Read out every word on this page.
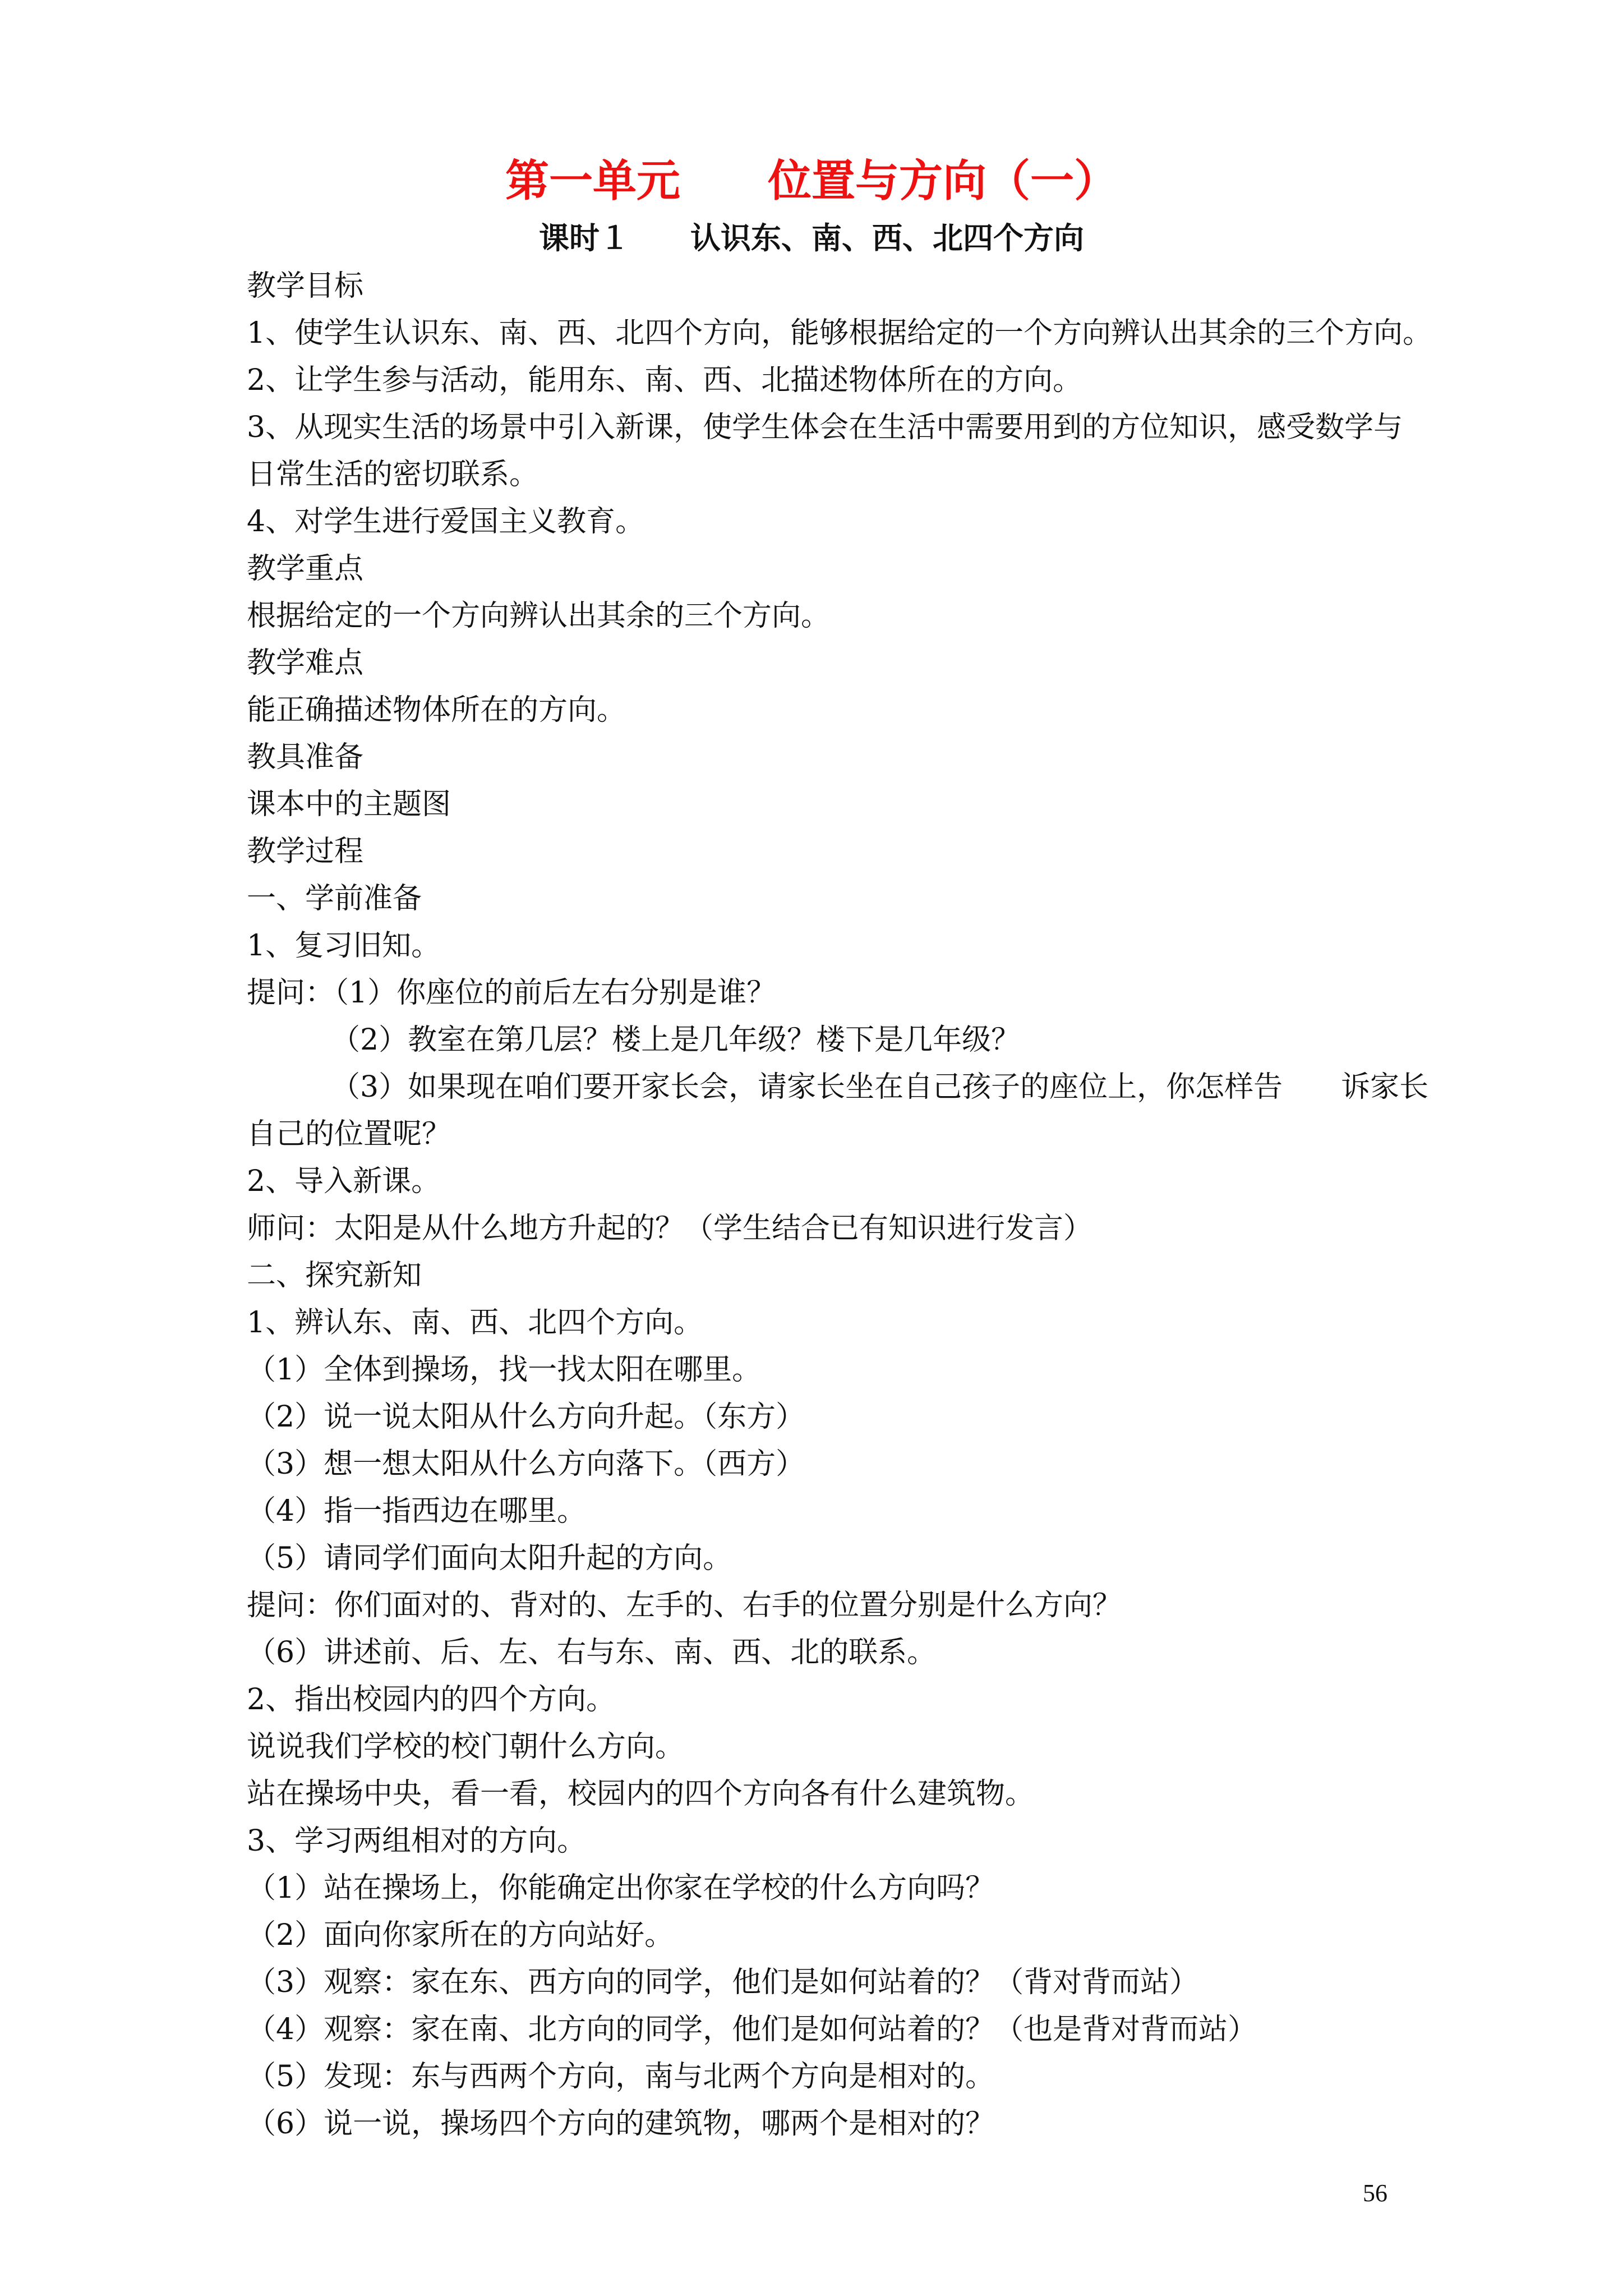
第一单元　　位置与方向（一）
课时１　　认识东、南、西、北四个方向
教学目标
1、使学生认识东、南、西、北四个方向，能够根据给定的一个方向辨认出其余的三个方向。
2、让学生参与活动，能用东、南、西、北描述物体所在的方向。
3、从现实生活的场景中引入新课，使学生体会在生活中需要用到的方位知识，感受数学与
日常生活的密切联系。
4、对学生进行爱国主义教育。
教学重点
根据给定的一个方向辨认出其余的三个方向。
教学难点
能正确描述物体所在的方向。
教具准备
课本中的主题图
教学过程
一、学前准备
1、复习旧知。
提问：（1）你座位的前后左右分别是谁？
（2）教室在第几层？楼上是几年级？楼下是几年级？
（3）如果现在咱们要开家长会，请家长坐在自己孩子的座位上，你怎样告　　诉家长
自己的位置呢？
2、导入新课。
师问：太阳是从什么地方升起的？（学生结合已有知识进行发言）
二、探究新知
1、辨认东、南、西、北四个方向。
（1）全体到操场，找一找太阳在哪里。
（2）说一说太阳从什么方向升起。（东方）
（3）想一想太阳从什么方向落下。（西方）
（4）指一指西边在哪里。
（5）请同学们面向太阳升起的方向。
提问：你们面对的、背对的、左手的、右手的位置分别是什么方向？
（6）讲述前、后、左、右与东、南、西、北的联系。
2、指出校园内的四个方向。
说说我们学校的校门朝什么方向。
站在操场中央，看一看，校园内的四个方向各有什么建筑物。
3、学习两组相对的方向。
（1）站在操场上，你能确定出你家在学校的什么方向吗？
（2）面向你家所在的方向站好。
（3）观察：家在东、西方向的同学，他们是如何站着的？（背对背而站）
（4）观察：家在南、北方向的同学，他们是如何站着的？（也是背对背而站）
（5）发现：东与西两个方向，南与北两个方向是相对的。
（6）说一说，操场四个方向的建筑物，哪两个是相对的？
56
